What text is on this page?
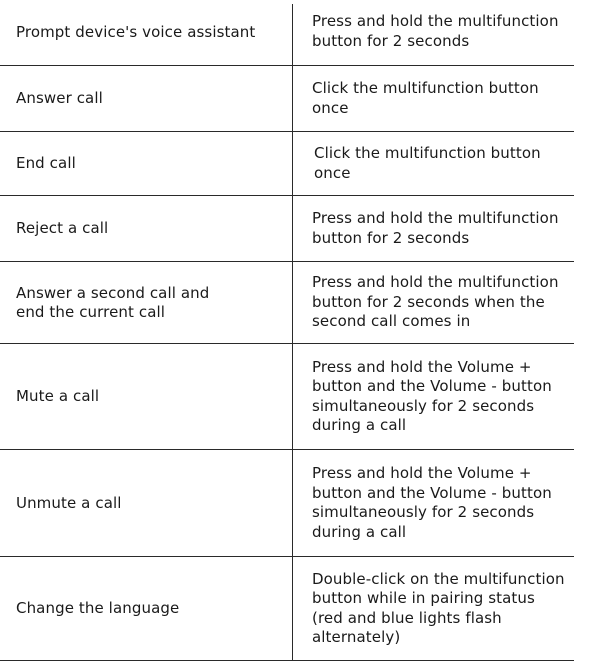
Prompt device's voice assistant
Press and hold the multifunction
button for 2 seconds
Answer call
Click the multifunction button
once
End call
Click the multifunction button
once
Reject a call
Press and hold the multifunction
button for 2 seconds
Answer a second call and
end the current call
Press and hold the multifunction
button for 2 seconds when the
second call comes in
Mute a call
Press and hold the Volume +
button and the Volume - button
simultaneously for 2 seconds
during a call
Unmute a call
Press and hold the Volume +
button and the Volume - button
simultaneously for 2 seconds
during a call
Change the language
Double-click on the multifunction
button while in pairing status
(red and blue lights flash
alternately)
